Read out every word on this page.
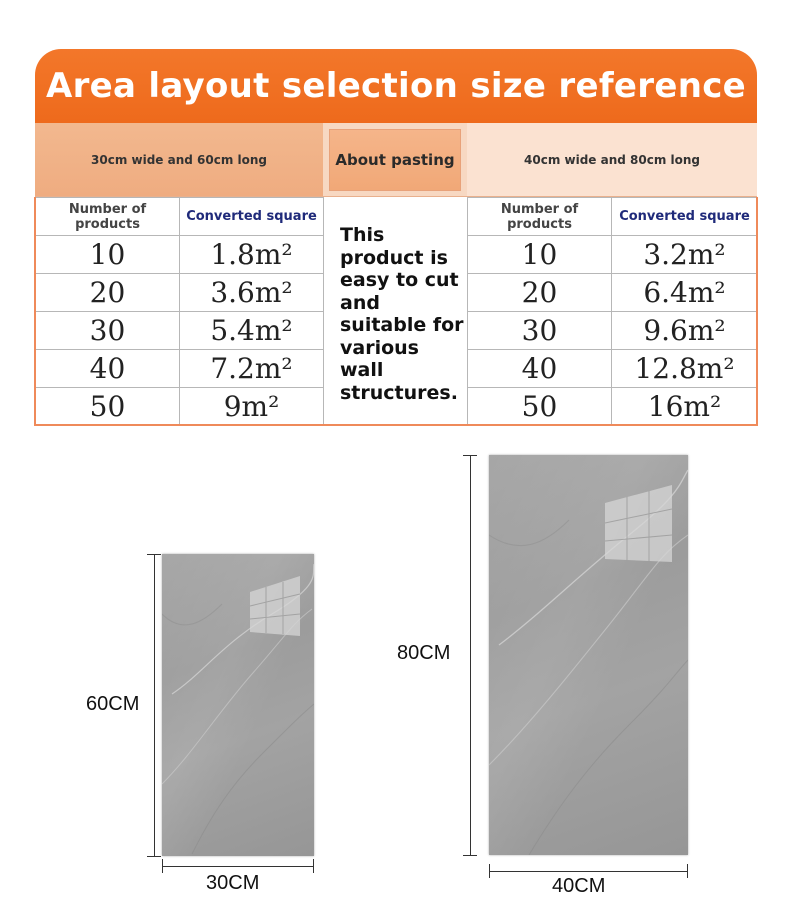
Area layout selection size reference
30cm wide and 60cm long	About pasting	40cm wide and 80cm long
This product is easy to cut and suitable for various wall structures.
Number of products	Converted square
10	1.8m²
20	3.6m²
30	5.4m²
40	7.2m²
50	9m²
Number of products	Converted square
10	3.2m²
20	6.4m²
30	9.6m²
40	12.8m²
50	16m²
60CM
30CM
80CM
40CM
